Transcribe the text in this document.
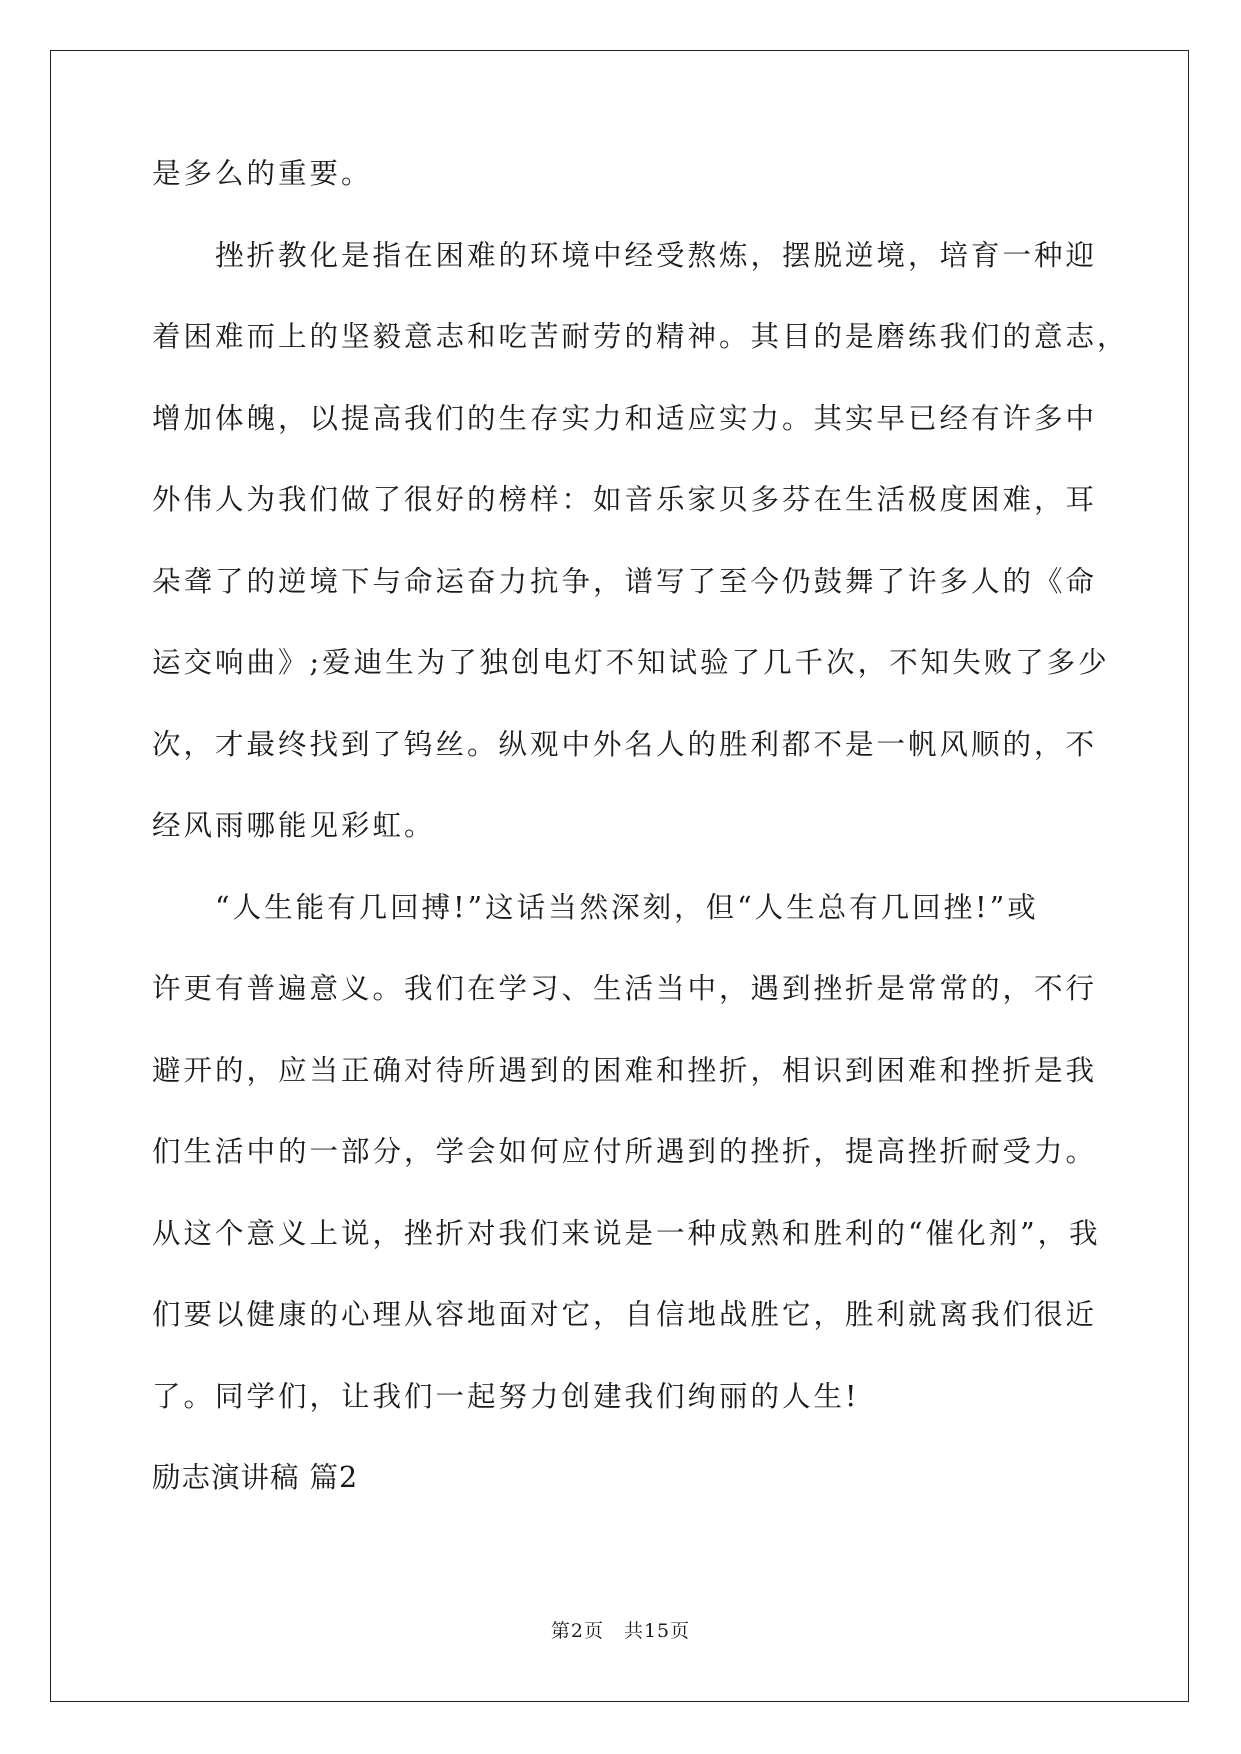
是多么的重要。

　　挫折教化是指在困难的环境中经受熬炼，摆脱逆境，培育一种迎

着困难而上的坚毅意志和吃苦耐劳的精神。其目的是磨练我们的意志，

增加体魄，以提高我们的生存实力和适应实力。其实早已经有许多中

外伟人为我们做了很好的榜样：如音乐家贝多芬在生活极度困难，耳

朵聋了的逆境下与命运奋力抗争，谱写了至今仍鼓舞了许多人的《命

运交响曲》;爱迪生为了独创电灯不知试验了几千次，不知失败了多少

次，才最终找到了钨丝。纵观中外名人的胜利都不是一帆风顺的，不

经风雨哪能见彩虹。

　　“人生能有几回搏!”这话当然深刻，但“人生总有几回挫!”或

许更有普遍意义。我们在学习、生活当中，遇到挫折是常常的，不行

避开的，应当正确对待所遇到的困难和挫折，相识到困难和挫折是我

们生活中的一部分，学会如何应付所遇到的挫折，提高挫折耐受力。

从这个意义上说，挫折对我们来说是一种成熟和胜利的“催化剂”，我

们要以健康的心理从容地面对它，自信地战胜它，胜利就离我们很近

了。同学们，让我们一起努力创建我们绚丽的人生!

励志演讲稿 篇2

第2页　共15页
